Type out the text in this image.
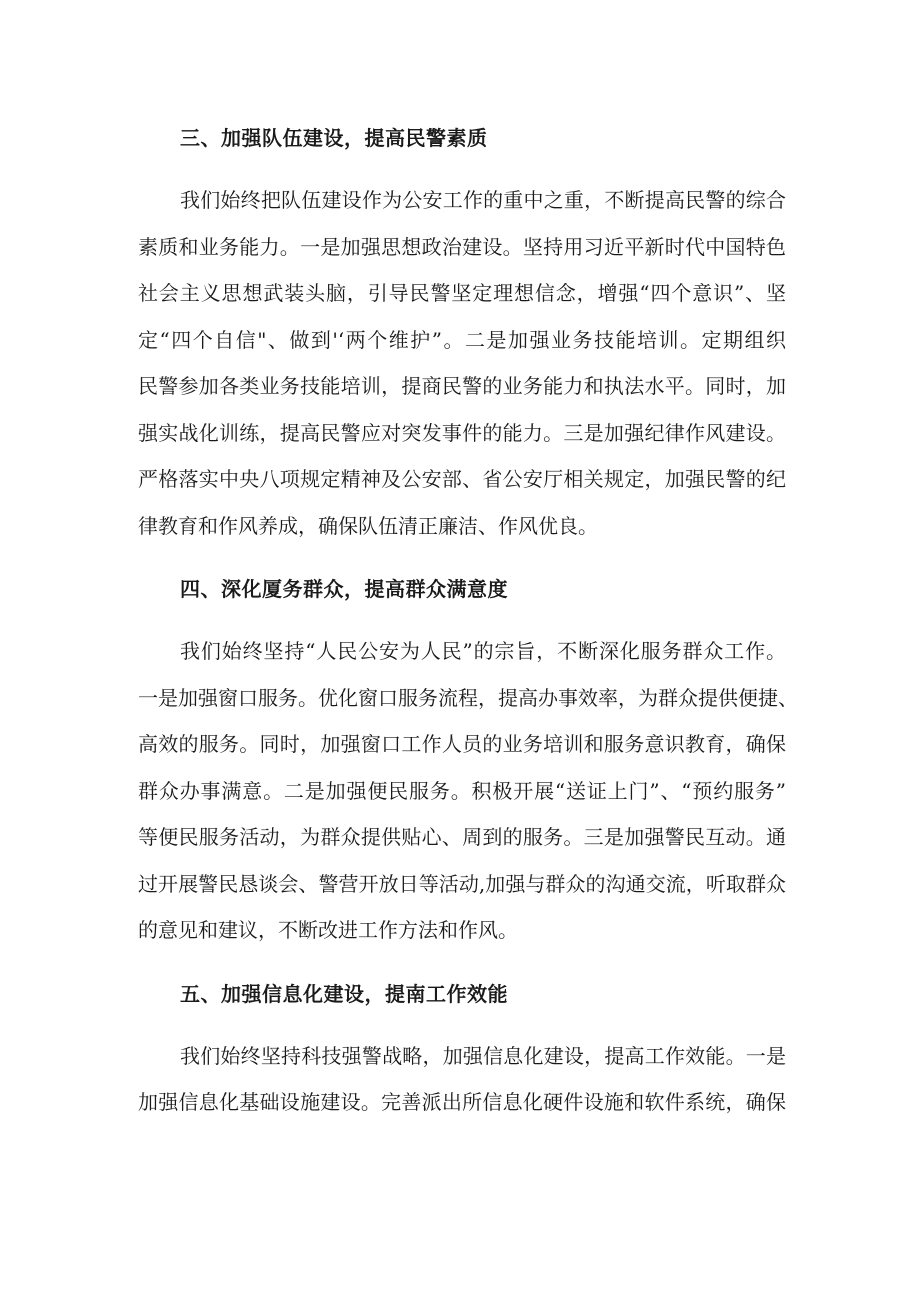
三、加强队伍建设，提高民警素质

我们始终把队伍建设作为公安工作的重中之重，不断提高民警的综合
素质和业务能力。一是加强思想政治建设。坚持用习近平新时代中国特色
社会主义思想武装头脑，引导民警坚定理想信念，增强“四个意识”、坚
定“四个自信"、做到'‘两个维护”。二是加强业务技能培训。定期组织
民警参加各类业务技能培训，提商民警的业务能力和执法水平。同时，加
强实战化训练，提高民警应对突发事件的能力。三是加强纪律作风建设。
严格落实中央八项规定精神及公安部、省公安厅相关规定，加强民警的纪
律教育和作风养成，确保队伍清正廉洁、作风优良。

四、深化厦务群众，提高群众满意度

我们始终坚持“人民公安为人民”的宗旨，不断深化服务群众工作。
一是加强窗口服务。优化窗口服务流程，提高办事效率，为群众提供便捷、
高效的服务。同时，加强窗口工作人员的业务培训和服务意识教育，确保
群众办事满意。二是加强便民服务。积极开展“送证上门”、“预约服务”
等便民服务活动，为群众提供贴心、周到的服务。三是加强警民互动。通
过开展警民恳谈会、警营开放日等活动,加强与群众的沟通交流，听取群众
的意见和建议，不断改进工作方法和作风。

五、加强信息化建设，提南工作效能

我们始终坚持科技强警战略，加强信息化建设，提高工作效能。一是
加强信息化基础设施建设。完善派出所信息化硬件设施和软件系统，确保
